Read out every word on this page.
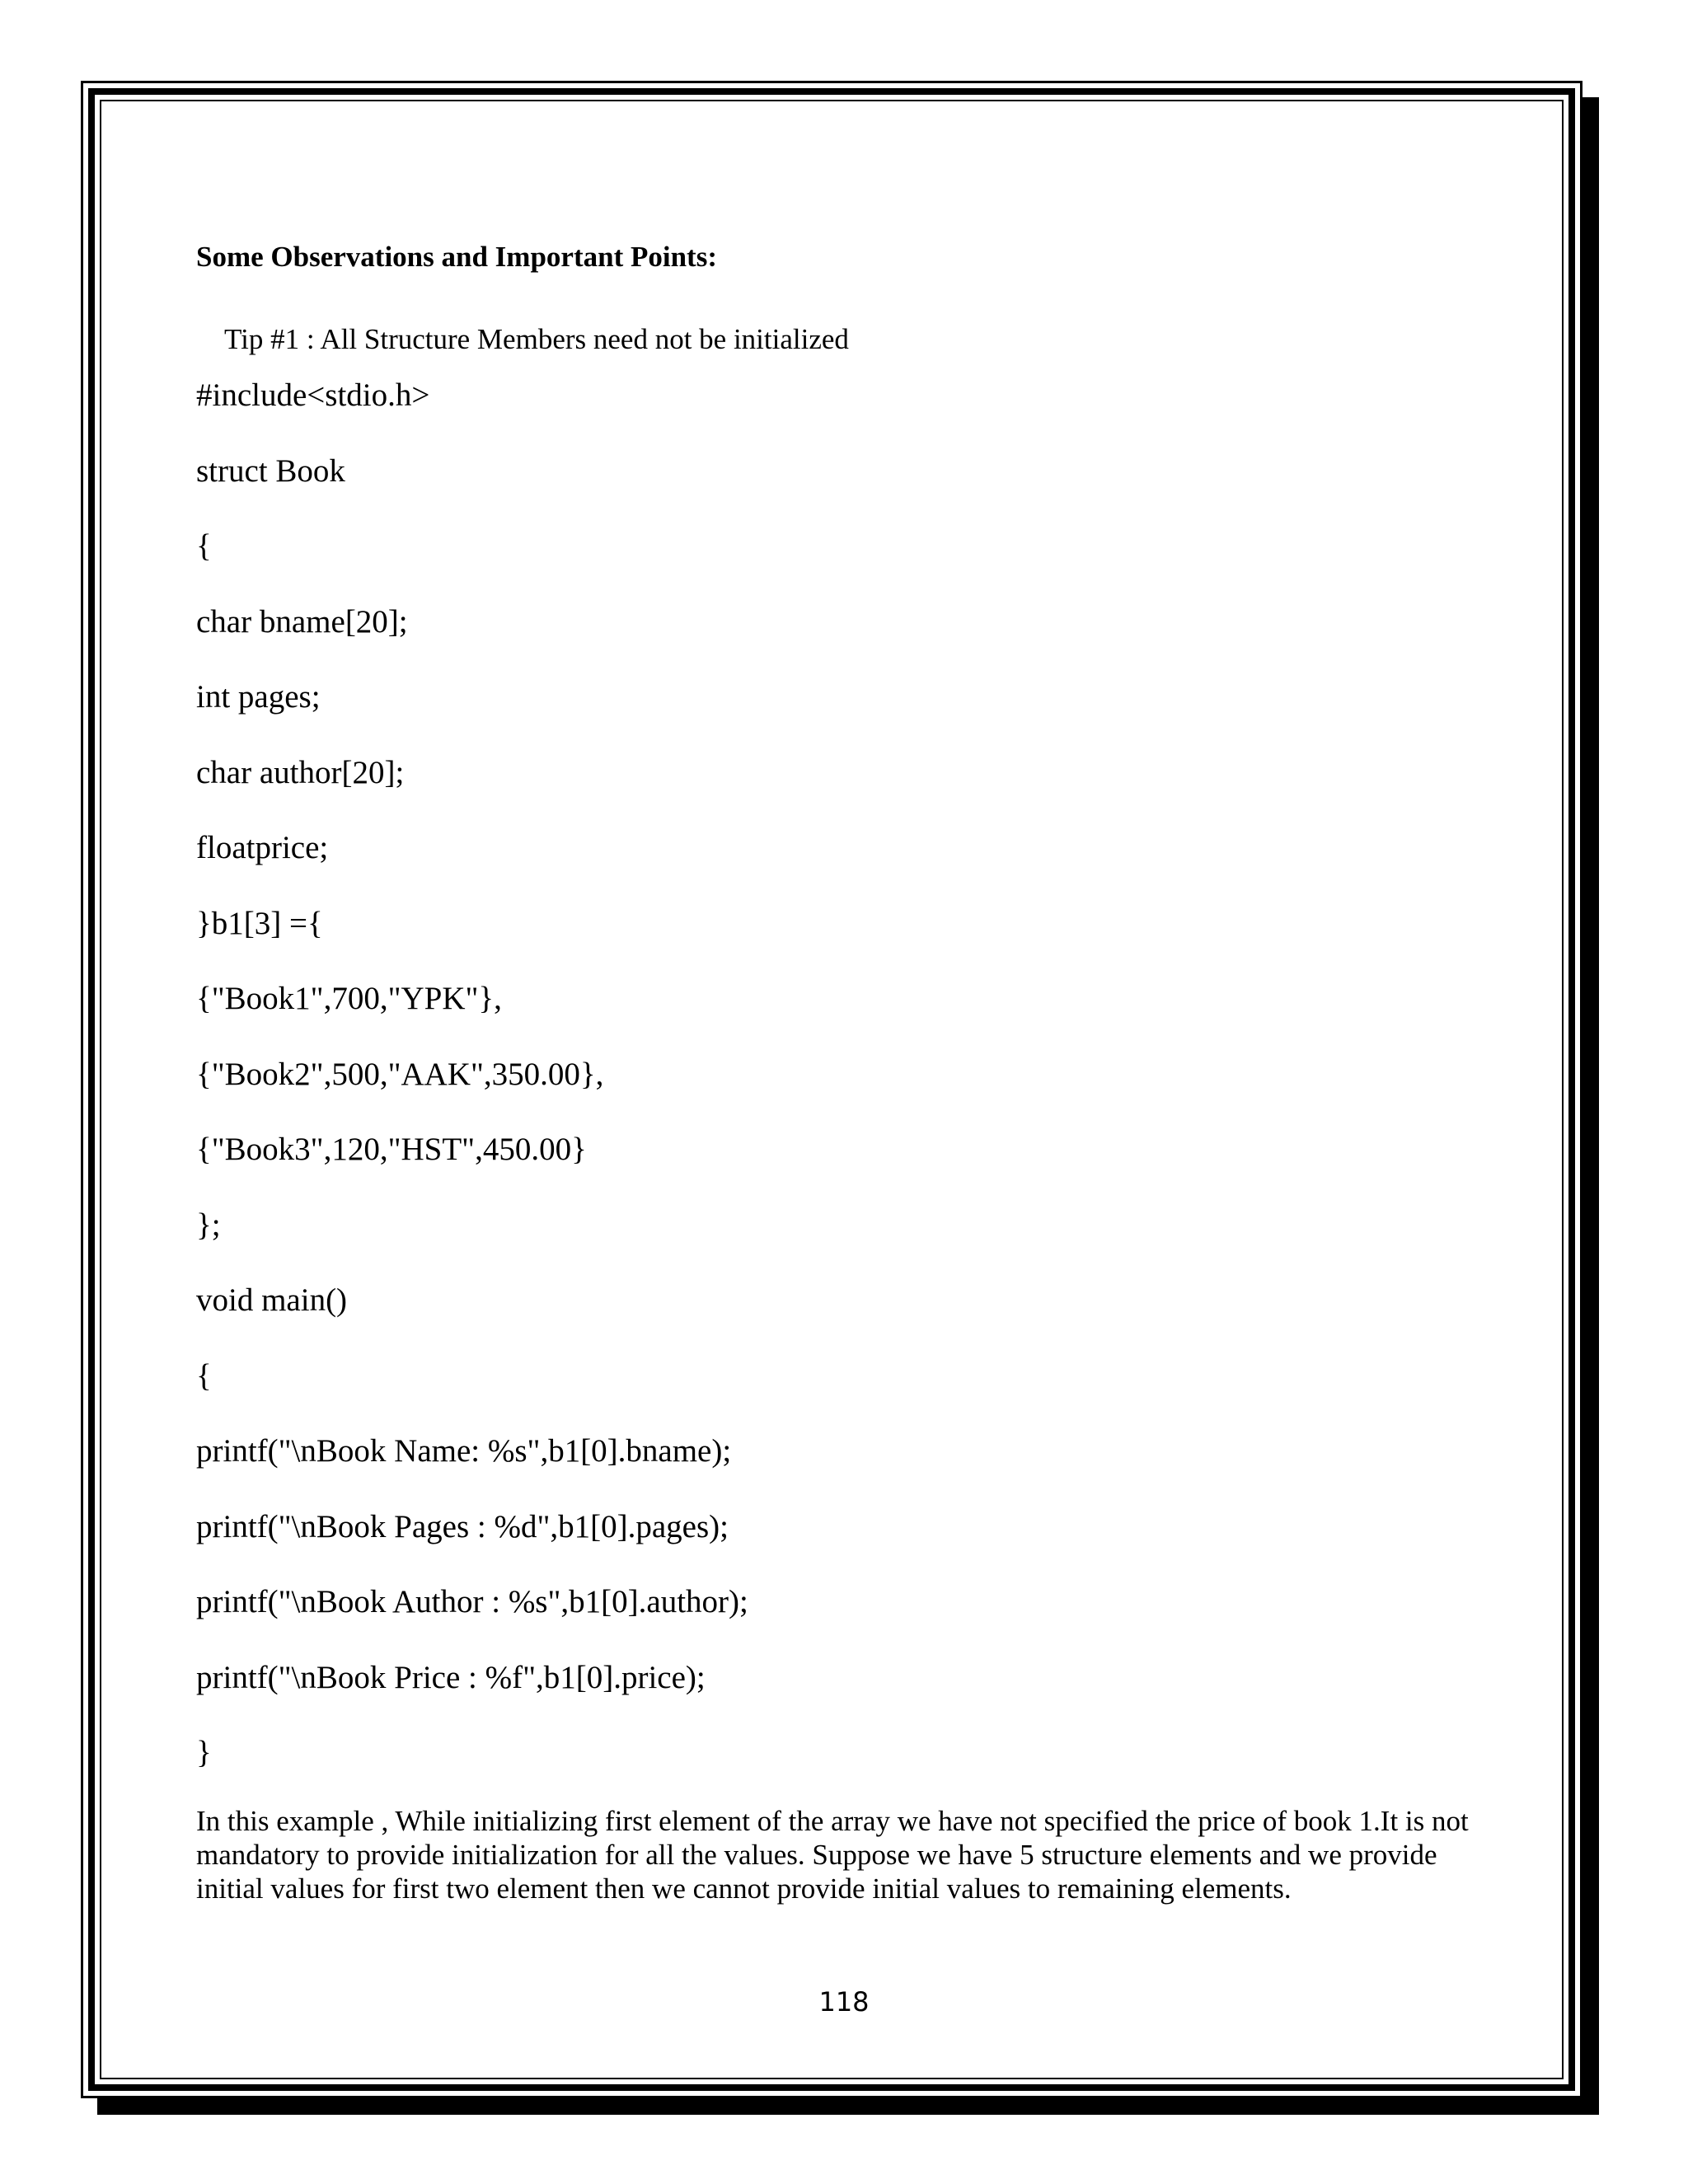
Some Observations and Important Points:

Tip #1 : All Structure Members need not be initialized

#include<stdio.h>
struct Book
{
char bname[20];
int pages;
char author[20];
floatprice;
}b1[3] ={
{"Book1",700,"YPK"},
{"Book2",500,"AAK",350.00},
{"Book3",120,"HST",450.00}
};
void main()
{
printf("\nBook Name: %s",b1[0].bname);
printf("\nBook Pages : %d",b1[0].pages);
printf("\nBook Author : %s",b1[0].author);
printf("\nBook Price : %f",b1[0].price);
}

In this example , While initializing first element of the array we have not specified the price of book 1.It is not mandatory to provide initialization for all the values. Suppose we have 5 structure elements and we provide initial values for first two element then we cannot provide initial values to remaining elements.

118
